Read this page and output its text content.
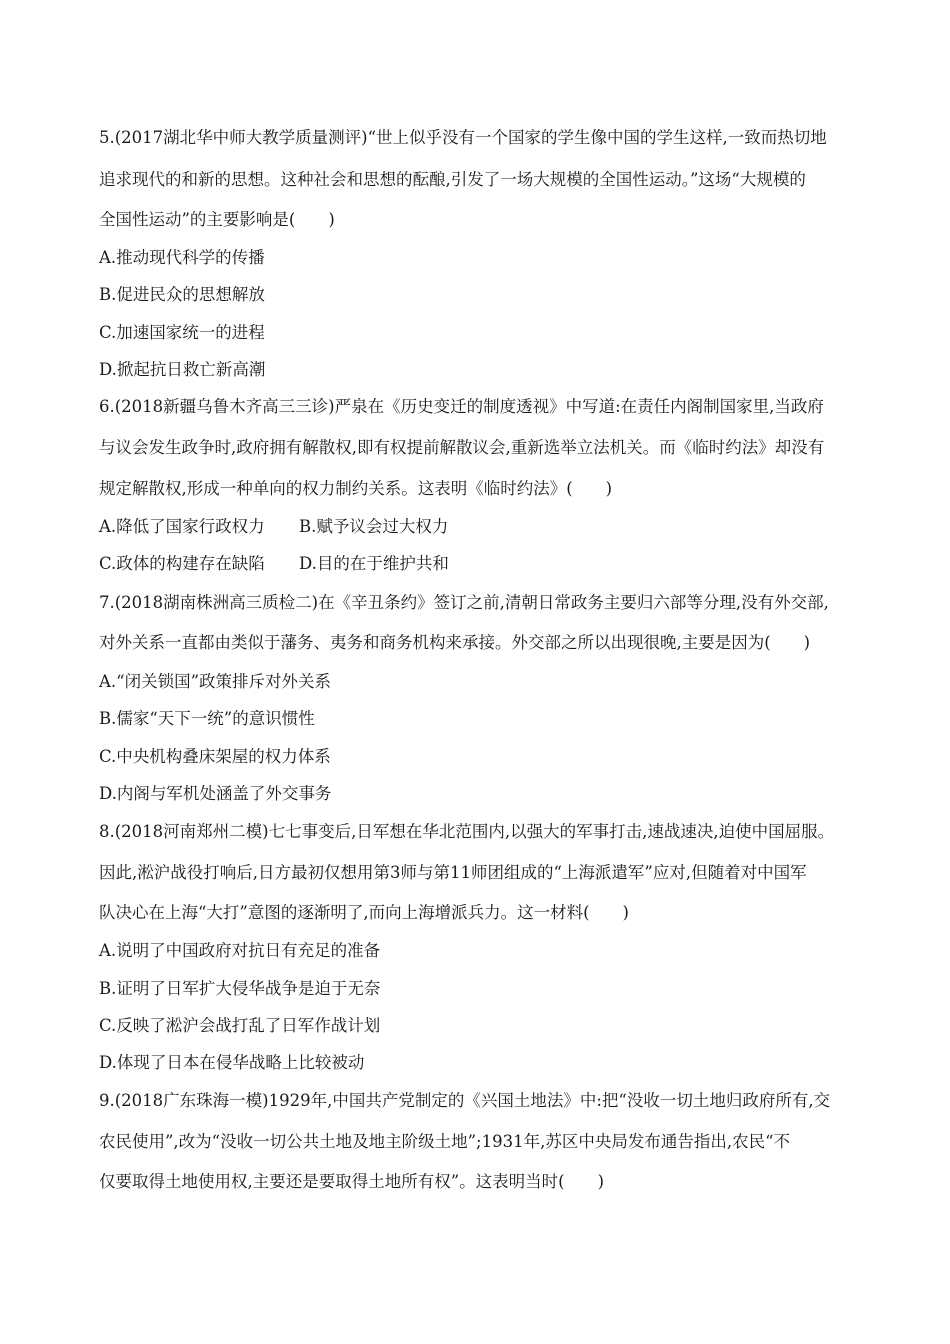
5.(2017湖北华中师大教学质量测评)“世上似乎没有一个国家的学生像中国的学生这样,一致而热切地
追求现代的和新的思想。这种社会和思想的酝酿,引发了一场大规模的全国性运动。”这场“大规模的
全国性运动”的主要影响是(　　)
A.推动现代科学的传播
B.促进民众的思想解放
C.加速国家统一的进程
D.掀起抗日救亡新高潮
6.(2018新疆乌鲁木齐高三三诊)严泉在《历史变迁的制度透视》中写道:在责任内阁制国家里,当政府
与议会发生政争时,政府拥有解散权,即有权提前解散议会,重新选举立法机关。而《临时约法》却没有
规定解散权,形成一种单向的权力制约关系。这表明《临时约法》(　　)
A.降低了国家行政权力 B.赋予议会过大权力
C.政体的构建存在缺陷 D.目的在于维护共和
7.(2018湖南株洲高三质检二)在《辛丑条约》签订之前,清朝日常政务主要归六部等分理,没有外交部,
对外关系一直都由类似于藩务、夷务和商务机构来承接。外交部之所以出现很晚,主要是因为(　　)
A.“闭关锁国”政策排斥对外关系
B.儒家“天下一统”的意识惯性
C.中央机构叠床架屋的权力体系
D.内阁与军机处涵盖了外交事务
8.(2018河南郑州二模)七七事变后,日军想在华北范围内,以强大的军事打击,速战速决,迫使中国屈服。
因此,淞沪战役打响后,日方最初仅想用第3师与第11师团组成的“上海派遣军”应对,但随着对中国军
队决心在上海“大打”意图的逐渐明了,而向上海增派兵力。这一材料(　　)
A.说明了中国政府对抗日有充足的准备
B.证明了日军扩大侵华战争是迫于无奈
C.反映了淞沪会战打乱了日军作战计划
D.体现了日本在侵华战略上比较被动
9.(2018广东珠海一模)1929年,中国共产党制定的《兴国土地法》中:把“没收一切土地归政府所有,交
农民使用”,改为“没收一切公共土地及地主阶级土地”;1931年,苏区中央局发布通告指出,农民“不
仅要取得土地使用权,主要还是要取得土地所有权”。这表明当时(　　)
